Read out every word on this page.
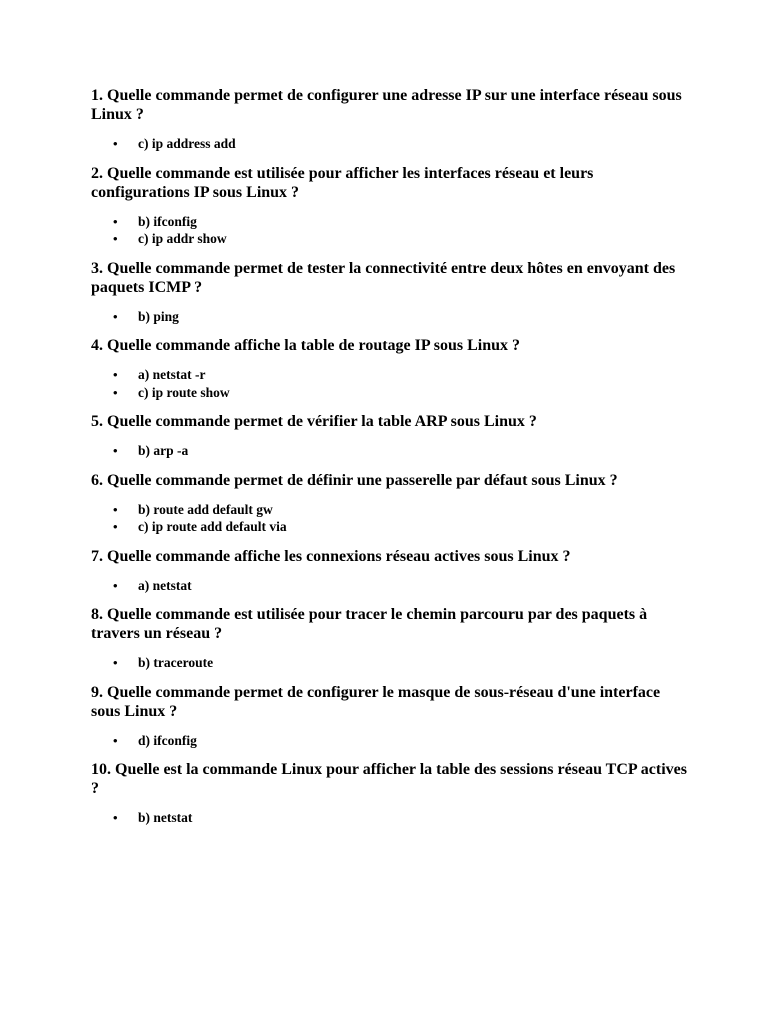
1. Quelle commande permet de configurer une adresse IP sur une interface réseau sous Linux ?

• c) ip address add

2. Quelle commande est utilisée pour afficher les interfaces réseau et leurs configurations IP sous Linux ?

• b) ifconfig
• c) ip addr show

3. Quelle commande permet de tester la connectivité entre deux hôtes en envoyant des paquets ICMP ?

• b) ping

4. Quelle commande affiche la table de routage IP sous Linux ?

• a) netstat -r
• c) ip route show

5. Quelle commande permet de vérifier la table ARP sous Linux ?

• b) arp -a

6. Quelle commande permet de définir une passerelle par défaut sous Linux ?

• b) route add default gw
• c) ip route add default via

7. Quelle commande affiche les connexions réseau actives sous Linux ?

• a) netstat

8. Quelle commande est utilisée pour tracer le chemin parcouru par des paquets à travers un réseau ?

• b) traceroute

9. Quelle commande permet de configurer le masque de sous-réseau d'une interface sous Linux ?

• d) ifconfig

10. Quelle est la commande Linux pour afficher la table des sessions réseau TCP actives ?

• b) netstat
